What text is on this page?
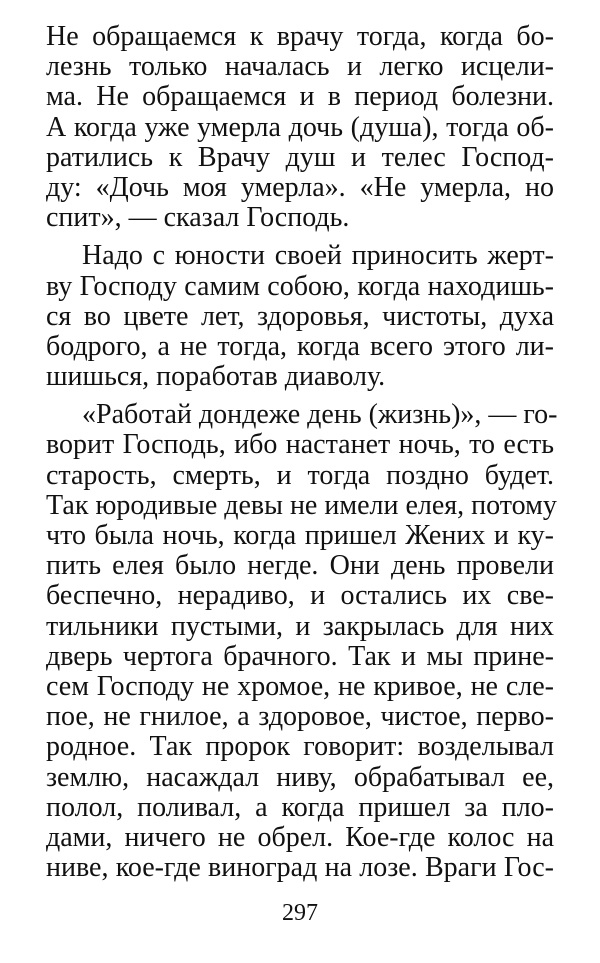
Не обращаемся к врачу тогда, когда бо-
лезнь только началась и легко исцели-
ма. Не обращаемся и в период болезни.
А когда уже умерла дочь (душа), тогда об-
ратились к Врачу душ и телес Господ-
ду: «Дочь моя умерла». «Не умерла, но
спит», — сказал Господь.
Надо с юности своей приносить жерт-
ву Господу самим собою, когда находишь-
ся во цвете лет, здоровья, чистоты, духа
бодрого, а не тогда, когда всего этого ли-
шишься, поработав диаволу.
«Работай дондеже день (жизнь)», — го-
ворит Господь, ибо настанет ночь, то есть
старость, смерть, и тогда поздно будет.
Так юродивые девы не имели елея, потому
что была ночь, когда пришел Жених и ку-
пить елея было негде. Они день провели
беспечно, нерадиво, и остались их све-
тильники пустыми, и закрылась для них
дверь чертога брачного. Так и мы прине-
сем Господу не хромое, не кривое, не сле-
пое, не гнилое, а здоровое, чистое, перво-
родное. Так пророк говорит: возделывал
землю, насаждал ниву, обрабатывал ее,
полол, поливал, а когда пришел за пло-
дами, ничего не обрел. Кое-где колос на
ниве, кое-где виноград на лозе. Враги Гос-
297
